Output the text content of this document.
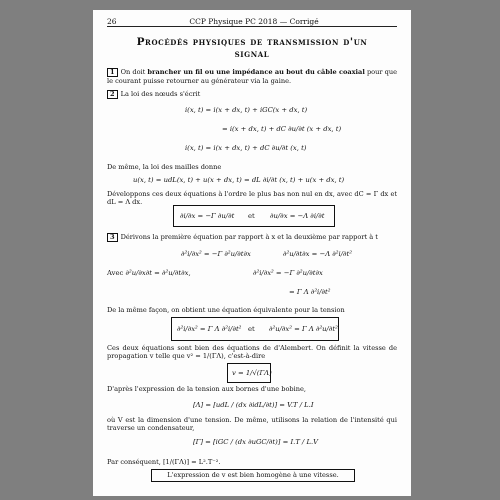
26	CCP Physique PC 2018 — Corrigé
Procédés physiques de transmission d'un
signal
1 On doit brancher un fil ou une impédance au bout du câble coaxial pour que le courant puisse retourner au générateur via la gaine.
2 La loi des nœuds s'écrit
i(x, t) = i(x + dx, t) + iGC(x + dx, t)
= i(x + dx, t) + dC ∂u/∂t (x + dx, t)
i(x, t) = i(x + dx, t) + dC ∂u/∂t (x, t)
De même, la loi des mailles donne
u(x, t) = udL(x, t) + u(x + dx, t) = dL ∂i/∂t (x, t) + u(x + dx, t)
Développons ces deux équations à l'ordre le plus bas non nul en dx, avec dC = Γ dx et dL = Λ dx.
∂i/∂x = −Γ ∂u/∂t et ∂u/∂x = −Λ ∂i/∂t
3 Dérivons la première équation par rapport à x et la deuxième par rapport à t
∂²i/∂x² = −Γ ∂²u/∂t∂x	∂²u/∂t∂x = −Λ ∂²i/∂t²
Avec ∂²u/∂x∂t = ∂²u/∂t∂x,	∂²i/∂x² = −Γ ∂²u/∂t∂x
= Γ Λ ∂²i/∂t²
De la même façon, on obtient une équation équivalente pour la tension
∂²i/∂x² = Γ Λ ∂²i/∂t² et ∂²u/∂x² = Γ Λ ∂²u/∂t²
Ces deux équations sont bien des équations de d'Alembert. On définit la vitesse de propagation v telle que v² = 1/(ΓΛ), c'est-à-dire
v = 1/√(ΓΛ)
D'après l'expression de la tension aux bornes d'une bobine,
[Λ] = [udL / (dx ∂idL/∂t)] = V.T / L.I
où V est la dimension d'une tension. De même, utilisons la relation de l'intensité qui traverse un condensateur,
[Γ] = [iGC / (dx ∂uGC/∂t)] = I.T / L.V
Par conséquent, [1/(ΓΛ)] = L².T⁻².
L'expression de v est bien homogène à une vitesse.
